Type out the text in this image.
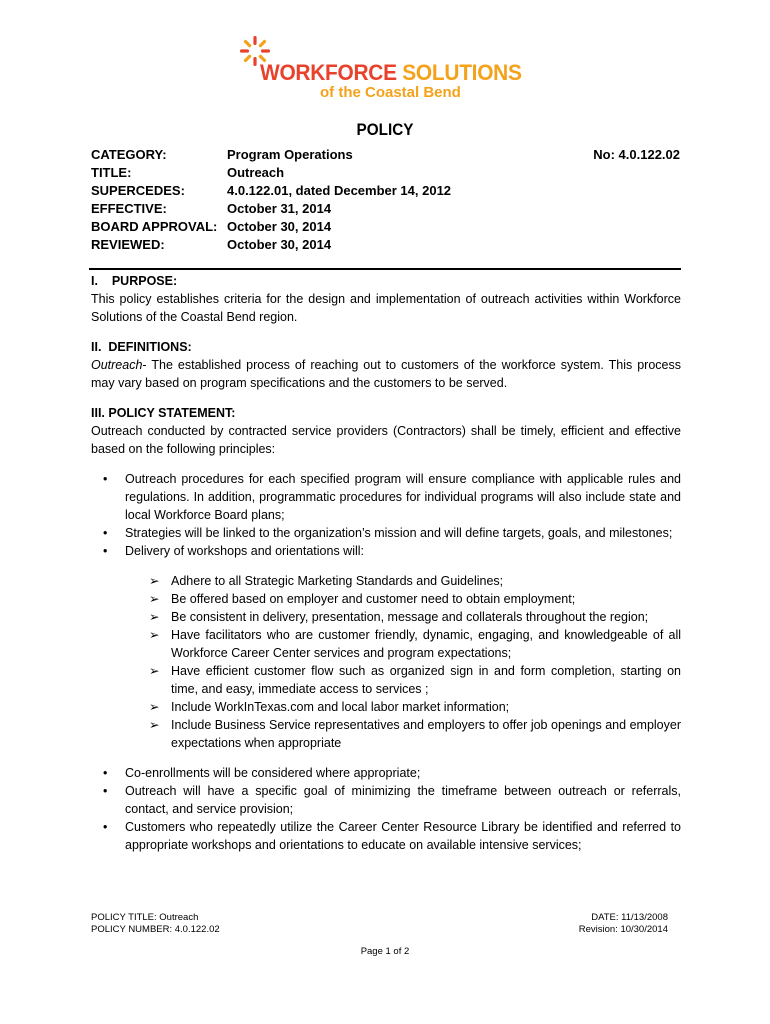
WORKFORCE SOLUTIONS
of the Coastal Bend
POLICY
CATEGORY:	Program Operations
TITLE:	Outreach
SUPERCEDES:	4.0.122.01, dated December 14, 2012
EFFECTIVE:	October 31, 2014
BOARD APPROVAL: October 30, 2014
REVIEWED:	October 30, 2014
No: 4.0.122.02

I.    PURPOSE:

This policy establishes criteria for the design and implementation of outreach activities within Workforce Solutions of the Coastal Bend region.

II.  DEFINITIONS:

Outreach- The established process of reaching out to customers of the workforce system. This process may vary based on program specifications and the customers to be served.

III. POLICY STATEMENT:

Outreach conducted by contracted service providers (Contractors) shall be timely, efficient and effective based on the following principles:

• Outreach procedures for each specified program will ensure compliance with applicable rules and regulations. In addition, programmatic procedures for individual programs will also include state and local Workforce Board plans;
• Strategies will be linked to the organization’s mission and will define targets, goals, and milestones;
• Delivery of workshops and orientations will:
➢ Adhere to all Strategic Marketing Standards and Guidelines;
➢ Be offered based on employer and customer need to obtain employment;
➢ Be consistent in delivery, presentation, message and collaterals throughout the region;
➢ Have facilitators who are customer friendly, dynamic, engaging, and knowledgeable of all Workforce Career Center services and program expectations;
➢ Have efficient customer flow such as organized sign in and form completion, starting on time, and easy, immediate access to services ;
➢ Include WorkInTexas.com and local labor market information;
➢ Include Business Service representatives and employers to offer job openings and employer expectations when appropriate
• Co-enrollments will be considered where appropriate;
• Outreach will have a specific goal of minimizing the timeframe between outreach or referrals, contact, and service provision;
• Customers who repeatedly utilize the Career Center Resource Library be identified and referred to appropriate workshops and orientations to educate on available intensive services;
POLICY TITLE: Outreach
POLICY NUMBER: 4.0.122.02
DATE: 11/13/2008
Revision: 10/30/2014
Page 1 of 2
